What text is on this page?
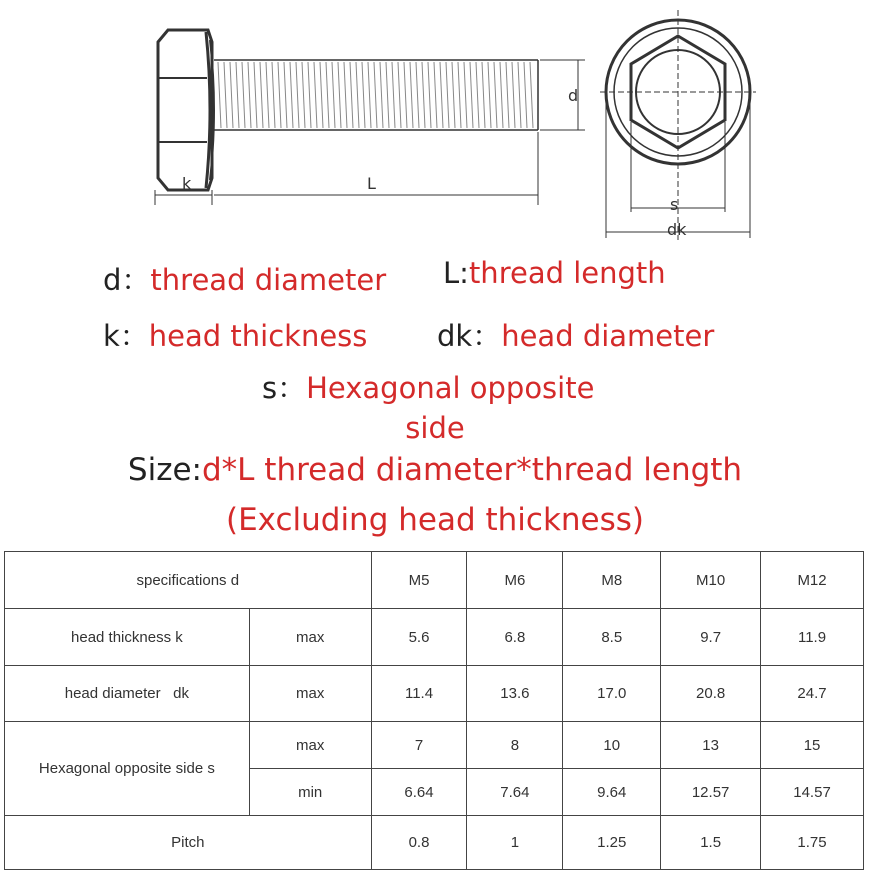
k	L
d
s
dk
d：thread diameter L:thread length
k：head thickness dk：head diameter
s：Hexagonal opposite
side
Size:d*L thread diameter*thread length
(Excluding head thickness)
specifications d		M5	M6	M8	M10	M12
head thickness k	max	5.6	6.8	8.5	9.7	11.9
head diameter   dk	max	11.4	13.6	17.0	20.8	24.7
Hexagonal opposite side s	max	7	8	10	13	15
	min	6.64	7.64	9.64	12.57	14.57
Pitch		0.8	1	1.25	1.5	1.75
